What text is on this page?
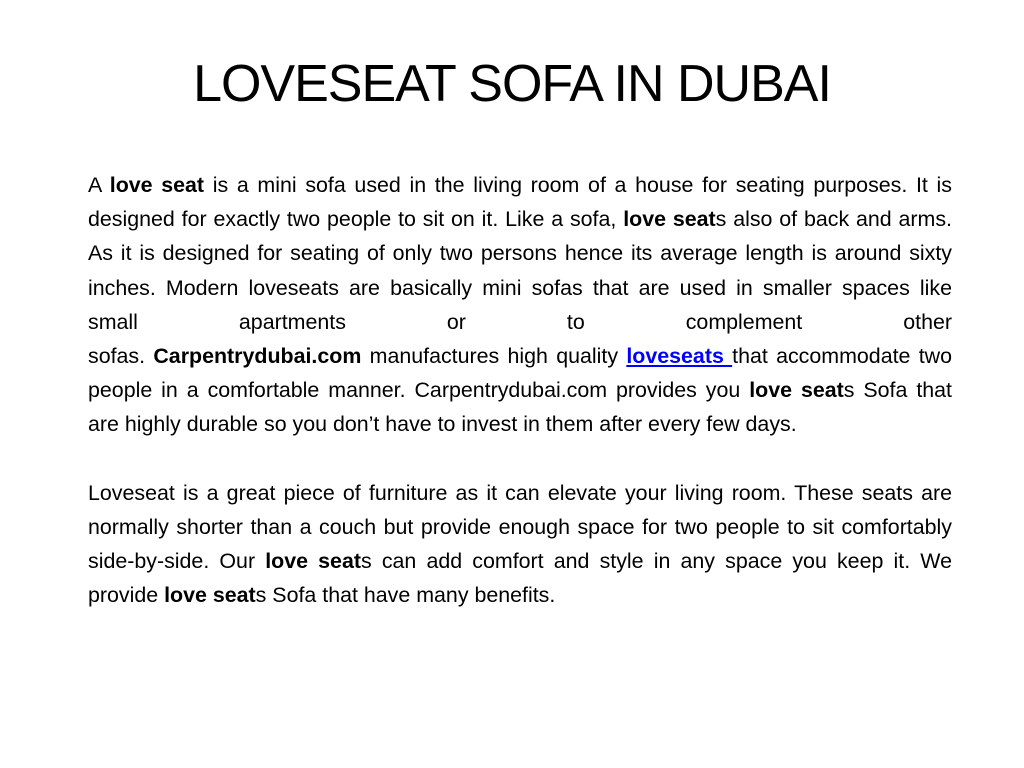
LOVESEAT SOFA IN DUBAI

A love seat is a mini sofa used in the living room of a house for seating purposes. It is designed for exactly two people to sit on it. Like a sofa, love seats also of back and arms. As it is designed for seating of only two persons hence its average length is around sixty inches. Modern loveseats are basically mini sofas that are used in smaller spaces like small apartments or to complement other
sofas. Carpentrydubai.com manufactures high quality loveseats that accommodate two people in a comfortable manner. Carpentrydubai.com provides you love seats Sofa that are highly durable so you don’t have to invest in them after every few days.

Loveseat is a great piece of furniture as it can elevate your living room. These seats are normally shorter than a couch but provide enough space for two people to sit comfortably side-by-side. Our love seats can add comfort and style in any space you keep it. We provide love seats Sofa that have many benefits.
